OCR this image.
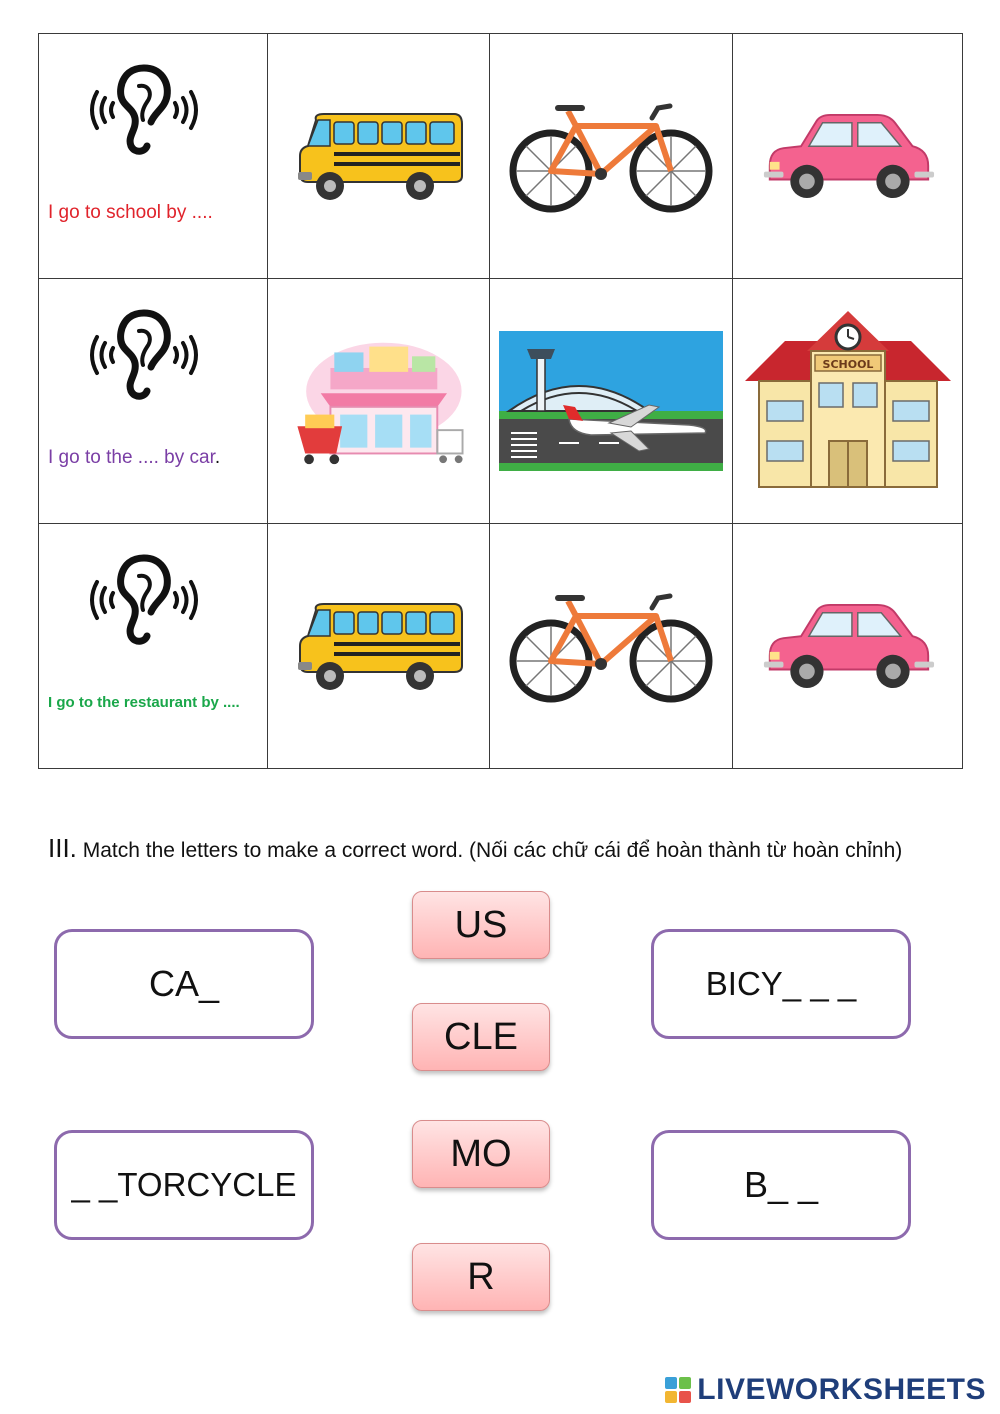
I go to school by ....

I go to the .... by car.

I go to the restaurant by ....

III. Match the letters to make a correct word. (Nối các chữ cái để hoàn thành từ hoàn chỉnh)
CA_	BICY_ _ _
_ _TORCYCLE	B_ _
US
CLE
MO
R
LIVEWORKSHEETS
